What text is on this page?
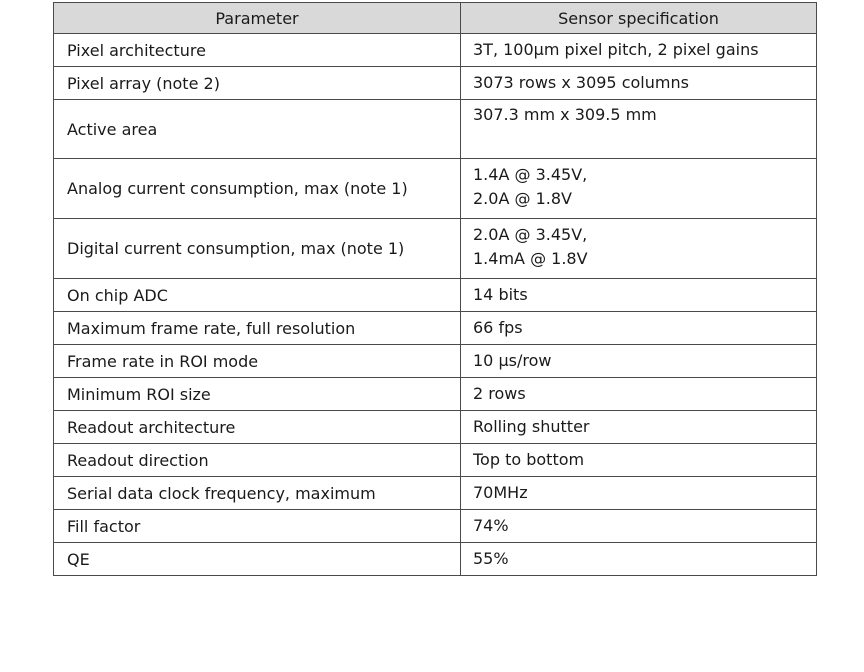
Parameter	Sensor specification
Pixel architecture	3T, 100µm pixel pitch, 2 pixel gains
Pixel array (note 2)	3073 rows x 3095 columns
Active area	307.3 mm x 309.5 mm
Analog current consumption, max (note 1)	1.4A @ 3.45V,
2.0A @ 1.8V

Digital current consumption, max (note 1)	2.0A @ 3.45V,
1.4mA @ 1.8V

On chip ADC	14 bits
Maximum frame rate, full resolution	66 fps
Frame rate in ROI mode	10 µs/row
Minimum ROI size	2 rows
Readout architecture	Rolling shutter
Readout direction	Top to bottom
Serial data clock frequency, maximum	70MHz
Fill factor	74%
QE	55%
